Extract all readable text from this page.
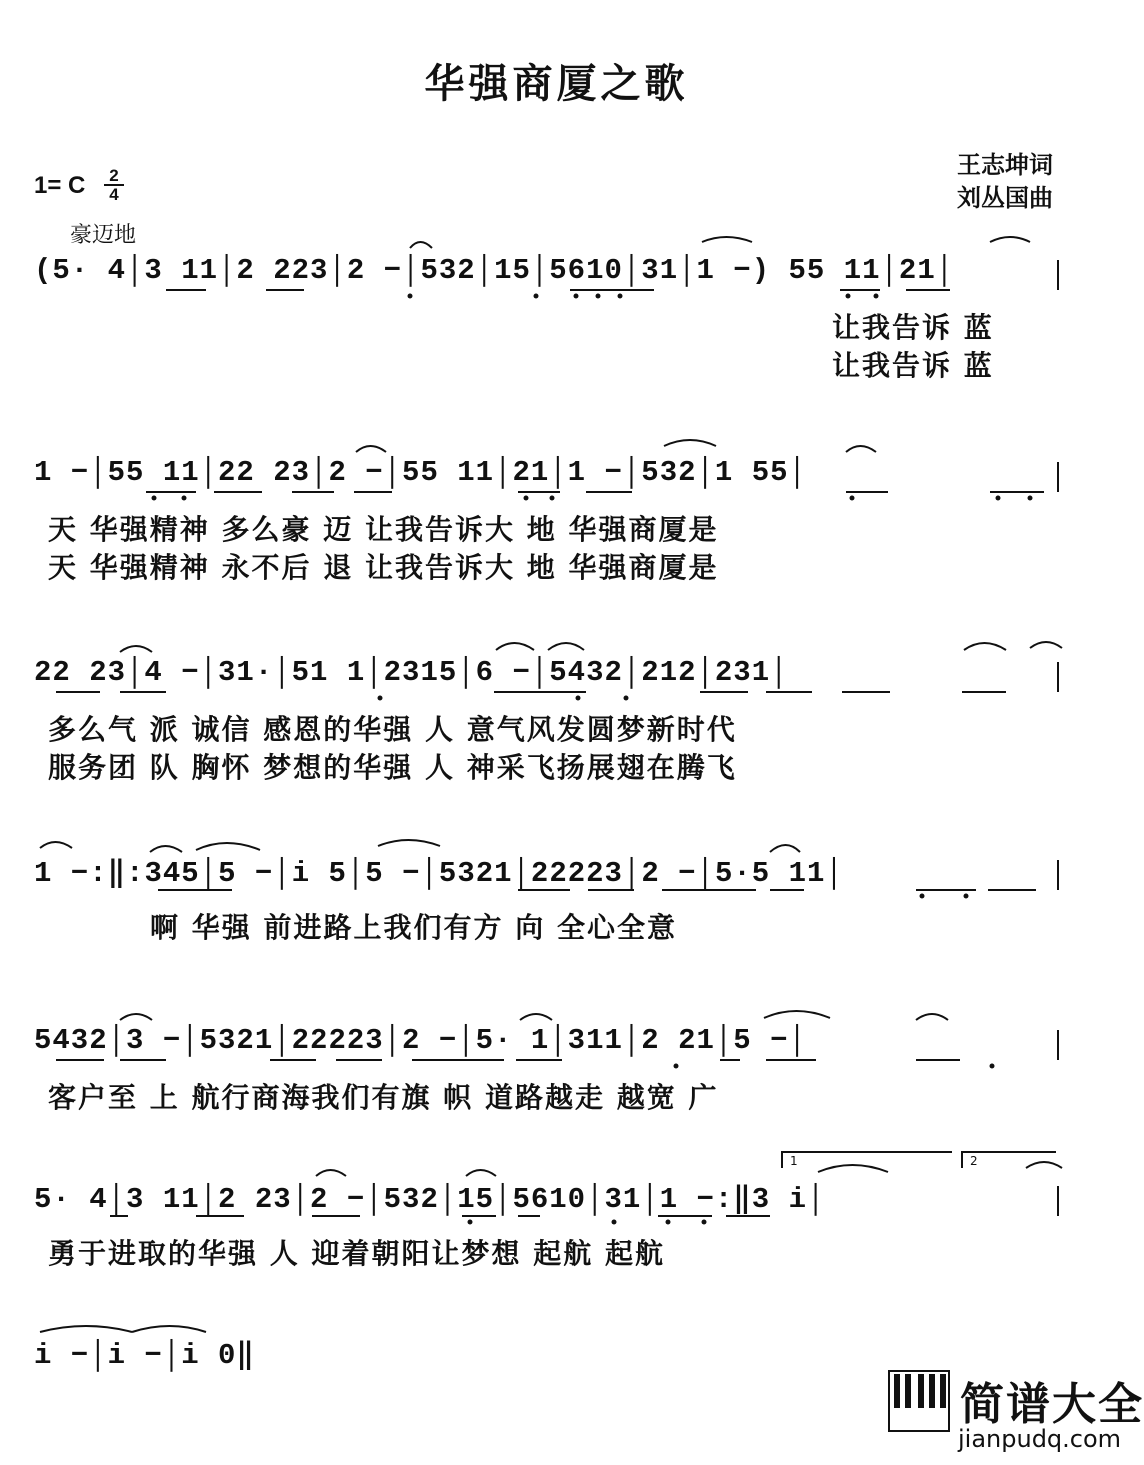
华强商厦之歌
王志坤词
刘丛国曲
1= C	2
4
豪迈地
(5· 4│3 11│2 223│2 −│532│15│5610│31│1 −) 55 11│21│
让我告诉 蓝
让我告诉 蓝
1 −│55 11│22 23│2 −│55 11│21│1 −│532│1 55│
天 华强精神 多么豪 迈 让我告诉大 地 华强商厦是
天 华强精神 永不后 退 让我告诉大 地 华强商厦是
22 23│4 −│31·│51 1│2315│6 −│5432│212│231│
多么气 派 诚信 感恩的华强 人 意气风发圆梦新时代
服务团 队 胸怀 梦想的华强 人 神采飞扬展翅在腾飞
1 −:‖:345│5 −│i 5│5 −│5321│22223│2 −│5·5 11│
啊 华强 前进路上我们有方 向 全心全意
5432│3 −│5321│22223│2 −│5· 1│311│2 21│5 −│
客户至 上 航行商海我们有旗 帜 道路越走 越宽 广
1	2
5· 4│3 11│2 23│2 −│532│15│5610│31│1 −:‖3 i│
勇于进取的华强 人 迎着朝阳让梦想 起航 起航
i −│i −│i 0‖
简谱大全
jianpudq.com
